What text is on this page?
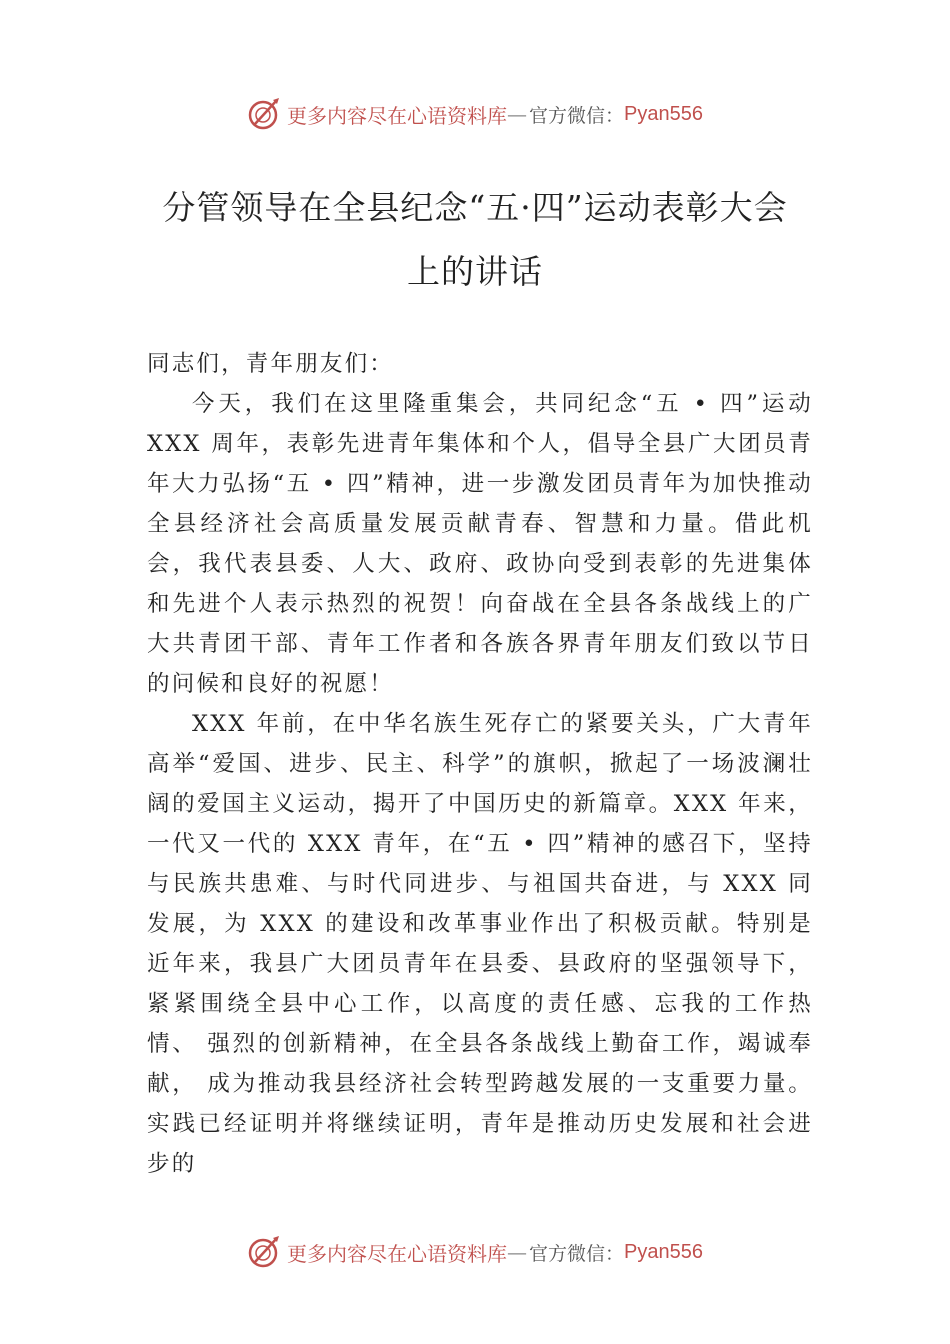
更多内容尽在心语资料库 — 官方微信： Pyan556
分管领导在全县纪念“五·四”运动表彰大会
上的讲话

同志们，青年朋友们：

今天，我们在这里隆重集会，共同纪念“五 • 四”运动 XXX 周年，表彰先进青年集体和个人，倡导全县广大团员青年大力弘扬“五 • 四”精神，进一步激发团员青年为加快推动全县经济社会高质量发展贡献青春、智慧和力量。借此机会，我代表县委、人大、政府、政协向受到表彰的先进集体和先进个人表示热烈的祝贺！向奋战在全县各条战线上的广大共青团干部、青年工作者和各族各界青年朋友们致以节日的问候和良好的祝愿！

XXX 年前，在中华名族生死存亡的紧要关头，广大青年高举“爱国、进步、民主、科学”的旗帜，掀起了一场波澜壮阔的爱国主义运动，揭开了中国历史的新篇章。XXX 年来，一代又一代的 XXX 青年，在“五 • 四”精神的感召下，坚持与民族共患难、与时代同进步、与祖国共奋进，与 XXX 同发展，为 XXX 的建设和改革事业作出了积极贡献。特别是近年来，我县广大团员青年在县委、县政府的坚强领导下， 紧紧围绕全县中心工作，以高度的责任感、忘我的工作热情、 强烈的创新精神，在全县各条战线上勤奋工作，竭诚奉献， 成为推动我县经济社会转型跨越发展的一支重要力量。实践已经证明并将继续证明，青年是推动历史发展和社会进步的

更多内容尽在心语资料库 — 官方微信： Pyan556
